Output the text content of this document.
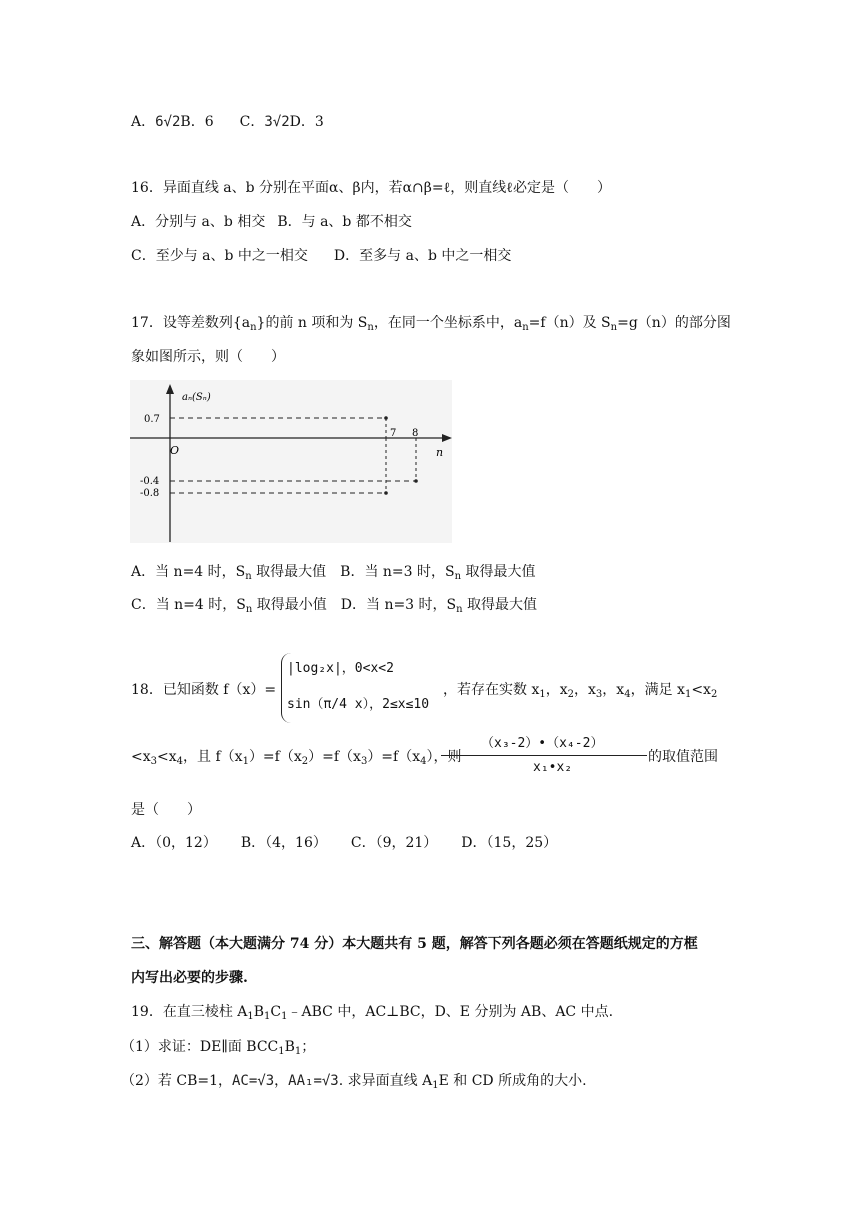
A．6√2B．6 C．3√2D．3
16．异面直线 a、b 分别在平面α、β内，若α∩β=ℓ，则直线ℓ必定是（　　）
A．分别与 a、b 相交 B．与 a、b 都不相交
C．至少与 a、b 中之一相交 D．至多与 a、b 中之一相交
17．设等差数列$\{a_n\}$的前 n 项和为 $S_n$，在同一个坐标系中，$a_n=f(n)$及 $S_n=g(n)$的部分图
象如图所示，则（　　）
aₙ(Sₙ)
n
O
0.7
-0.4
-0.8
7 8
A．当 n=4 时，$S_n$ 取得最大值 B．当 n=3 时，$S_n$ 取得最大值
C．当 n=4 时，$S_n$ 取得最小值 D．当 n=3 时，$S_n$ 取得最大值
18．已知函数 f（x）=
|log₂x|，0<x<2
sin（π/4 x），2≤x≤10
，若存在实数 $x_1$，$x_2$，$x_3$，$x_4$，满足 $x_1<x_2$
$<x_3<x_4$，且 $f(x_1)=f(x_2)=f(x_3)=f(x_4)$，则
（x₃-2）•（x₄-2）
x₁•x₂
的取值范围
是（　　）
A．（0，12） B．（4，16） C．（9，21） D．（15，25）
三、解答题（本大题满分 74 分）本大题共有 5 题，解答下列各题必须在答题纸规定的方框
内写出必要的步骤.
19．在直三棱柱 $A_1B_1C_1﹣ABC$ 中，AC⊥BC，D、E 分别为 AB、AC 中点.
（1）求证：DE∥面 $BCC_1B_1$；
（2）若 CB=1，AC=√3，AA₁=√3. 求异面直线 $A_1E$ 和 CD 所成角的大小.
